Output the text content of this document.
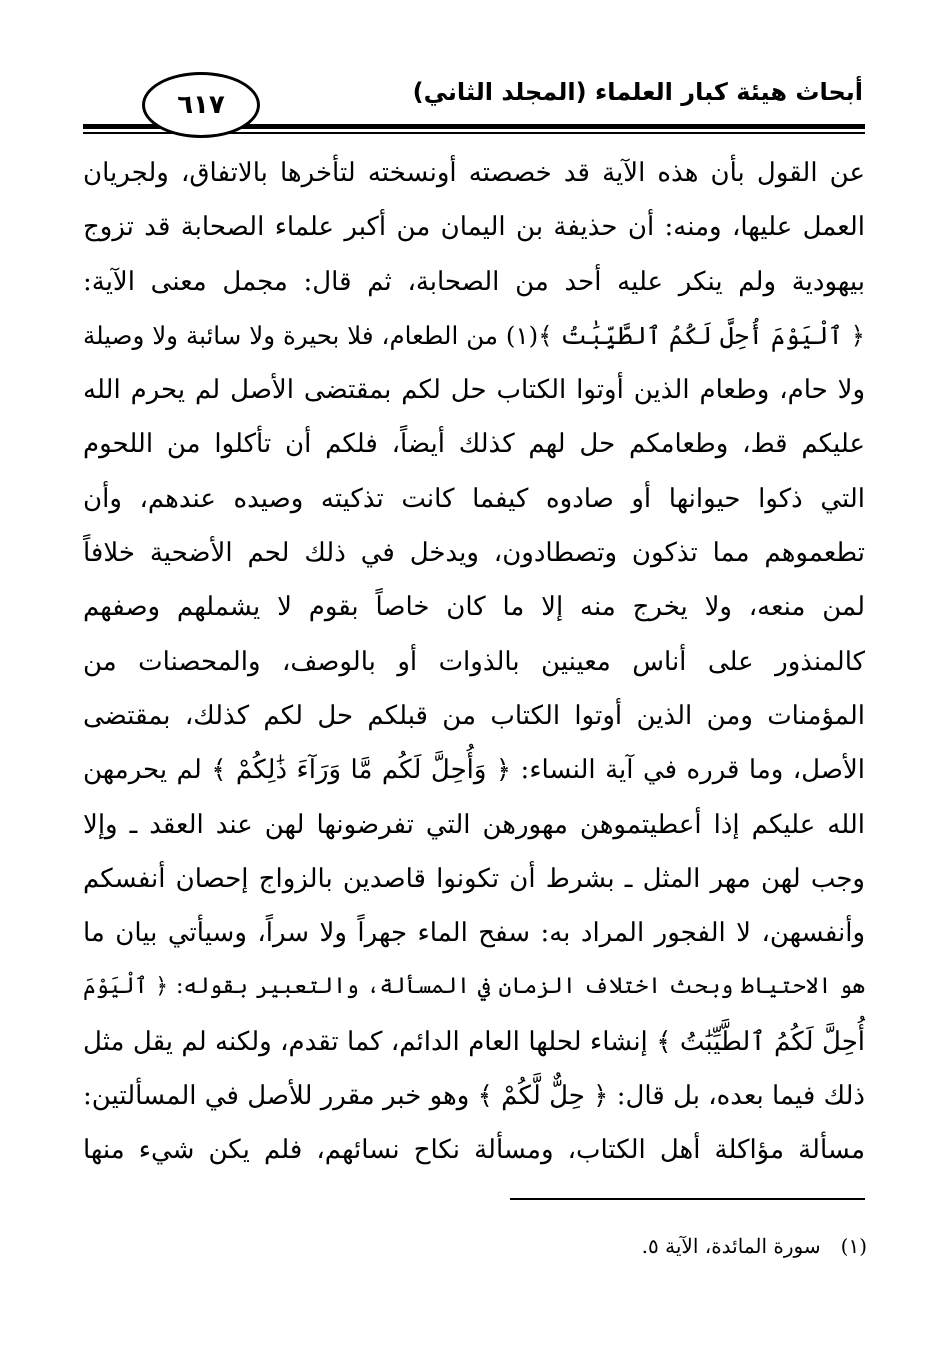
أبحاث هيئة كبار العلماء (المجلد الثاني)
٦١٧
عن القول بأن هذه الآية قد خصصته أونسخته لتأخرها بالاتفاق، ولجريان
العمل عليها، ومنه: أن حذيفة بن اليمان من أكبر علماء الصحابة قد تزوج
بيهودية ولم ينكر عليه أحد من الصحابة، ثم قال: مجمل معنى الآية:
﴿ ٱلْيَوْمَ أُحِلَّ لَكُمُ ٱلطَّيِّبَٰتُ ﴾(١) من الطعام، فلا بحيرة ولا سائبة ولا وصيلة
ولا حام، وطعام الذين أوتوا الكتاب حل لكم بمقتضى الأصل لم يحرم الله
عليكم قط، وطعامكم حل لهم كذلك أيضاً، فلكم أن تأكلوا من اللحوم
التي ذكوا حيوانها أو صادوه كيفما كانت تذكيته وصيده عندهم، وأن
تطعموهم مما تذكون وتصطادون، ويدخل في ذلك لحم الأضحية خلافاً
لمن منعه، ولا يخرج منه إلا ما كان خاصاً بقوم لا يشملهم وصفهم
كالمنذور على أناس معينين بالذوات أو بالوصف، والمحصنات من
المؤمنات ومن الذين أوتوا الكتاب من قبلكم حل لكم كذلك، بمقتضى
الأصل، وما قرره في آية النساء: ﴿ وَأُحِلَّ لَكُم مَّا وَرَآءَ ذَٰلِكُمْ ﴾ لم يحرمهن
الله عليكم إذا أعطيتموهن مهورهن التي تفرضونها لهن عند العقد ـ وإلا
وجب لهن مهر المثل ـ بشرط أن تكونوا قاصدين بالزواج إحصان أنفسكم
وأنفسهن، لا الفجور المراد به: سفح الماء جهراً ولا سراً، وسيأتي بيان ما
هو الاحتياط وبحث اختلاف الزمان في المسألة، والتعبير بقوله: ﴿ ٱلْيَوْمَ
أُحِلَّ لَكُمُ ٱلطَّيِّبَٰتُ ﴾ إنشاء لحلها العام الدائم، كما تقدم، ولكنه لم يقل مثل
ذلك فيما بعده، بل قال: ﴿ حِلٌّ لَّكُمْ ﴾ وهو خبر مقرر للأصل في المسألتين:
مسألة مؤاكلة أهل الكتاب، ومسألة نكاح نسائهم، فلم يكن شيء منها
(١)سورة المائدة، الآية ٥.
